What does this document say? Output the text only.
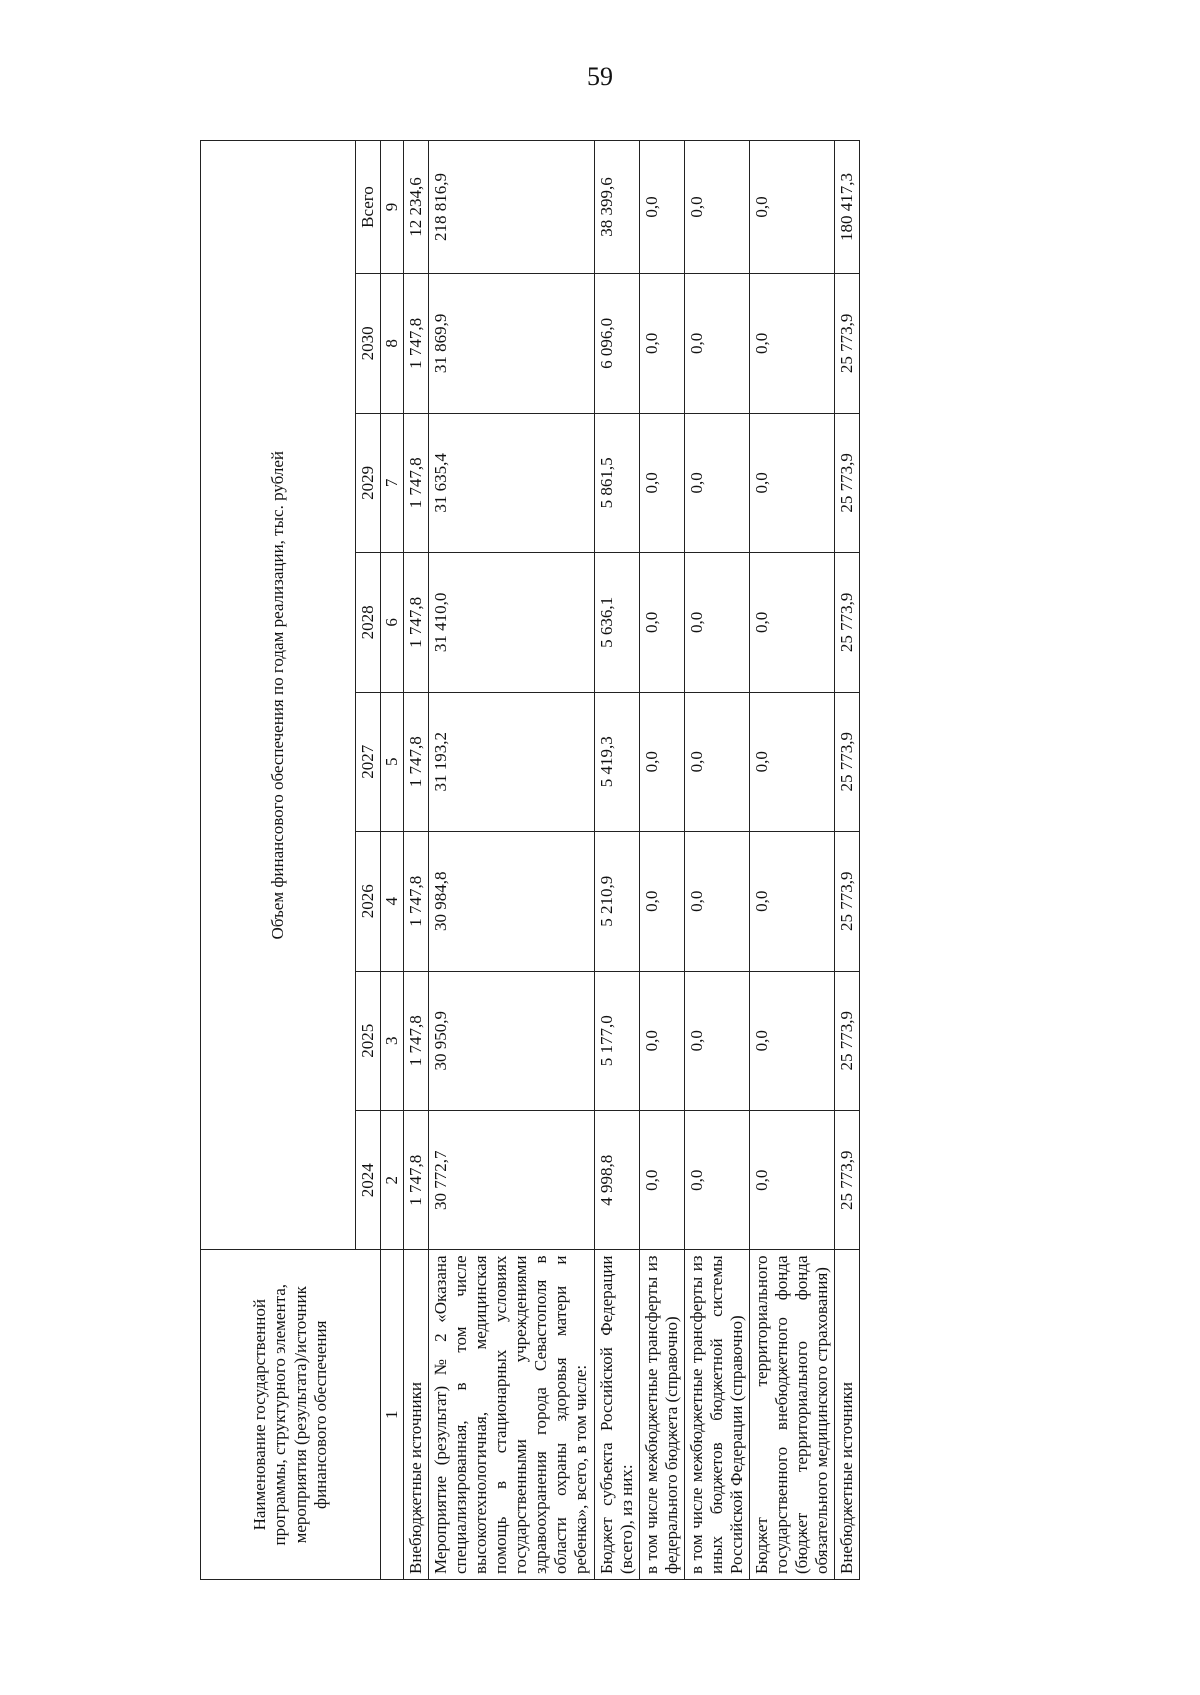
59
Наименование государственной программы, структурного элемента, мероприятия (результата)/источник финансового обеспечения	Объем финансового обеспечения по годам реализации, тыс. рублей							
	2024	2025	2026	2027	2028	2029	2030	Всего
1	2	3	4	5	6	7	8	9
Внебюджетные источники	1 747,8	1 747,8	1 747,8	1 747,8	1 747,8	1 747,8	1 747,8	12 234,6
Мероприятие (результат) № 2 «Оказана специализированная, в том числе высокотехнологичная, медицинская помощь в стационарных условиях государственными учреждениями здравоохранения города Севастополя в области охраны здоровья матери и ребенка», всего, в том числе:	30 772,7	30 950,9	30 984,8	31 193,2	31 410,0	31 635,4	31 869,9	218 816,9
Бюджет субъекта Российской Федерации (всего), из них:	4 998,8	5 177,0	5 210,9	5 419,3	5 636,1	5 861,5	6 096,0	38 399,6
в том числе межбюджетные трансферты из федерального бюджета (справочно)	0,0	0,0	0,0	0,0	0,0	0,0	0,0	0,0
в том числе межбюджетные трансферты из иных бюджетов бюджетной системы Российской Федерации (справочно)	0,0	0,0	0,0	0,0	0,0	0,0	0,0	0,0
Бюджет территориального государственного внебюджетного фонда (бюджет территориального фонда обязательного медицинского страхования)	0,0	0,0	0,0	0,0	0,0	0,0	0,0	0,0
Внебюджетные источники	25 773,9	25 773,9	25 773,9	25 773,9	25 773,9	25 773,9	25 773,9	180 417,3
